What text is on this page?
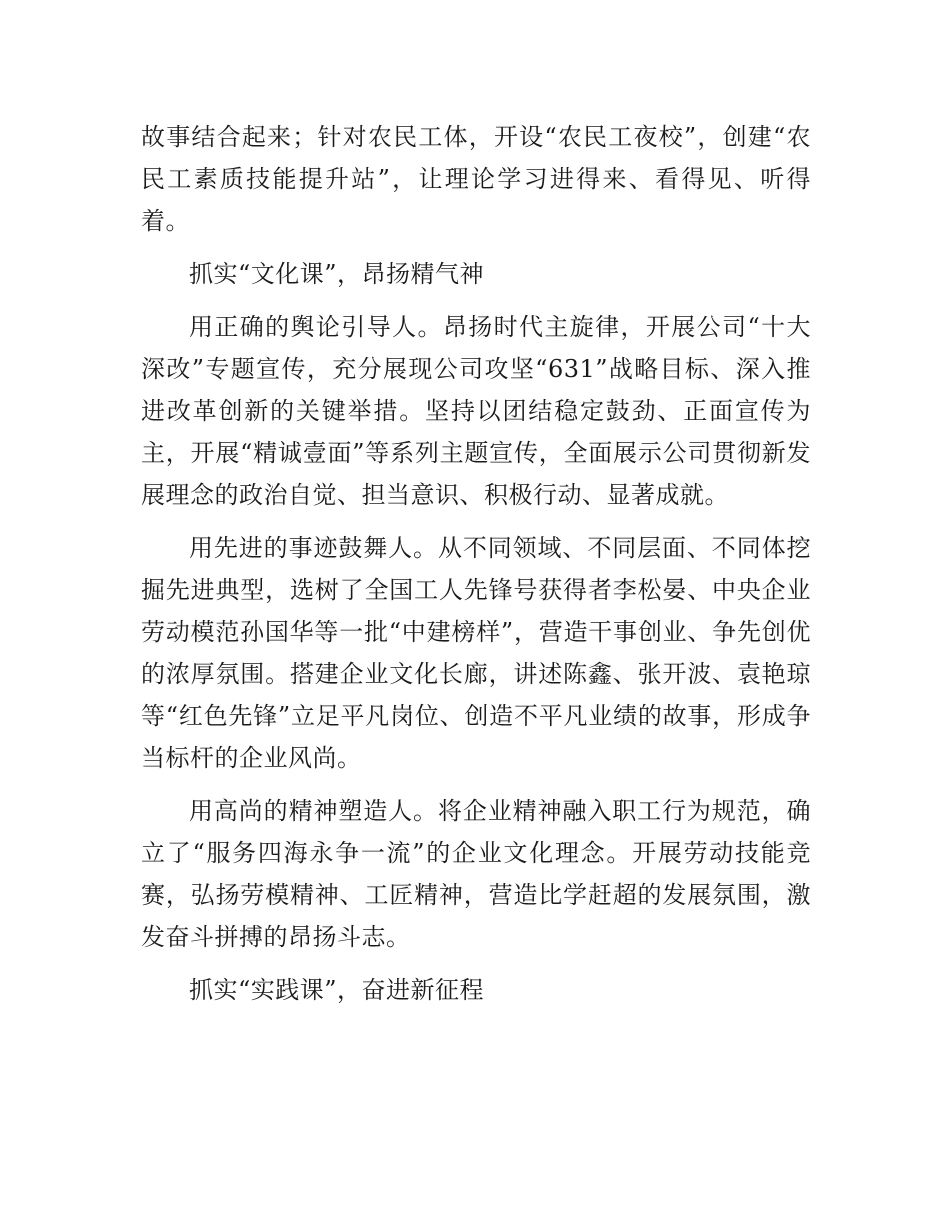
故事结合起来；针对农民工体，开设“农民工夜校”，创建“农民工素质技能提升站”，让理论学习进得来、看得见、听得着。

抓实“文化课”，昂扬精气神

用正确的舆论引导人。昂扬时代主旋律，开展公司“十大深改”专题宣传，充分展现公司攻坚“631”战略目标、深入推进改革创新的关键举措。坚持以团结稳定鼓劲、正面宣传为主，开展“精诚壹面”等系列主题宣传，全面展示公司贯彻新发展理念的政治自觉、担当意识、积极行动、显著成就。

用先进的事迹鼓舞人。从不同领域、不同层面、不同体挖掘先进典型，选树了全国工人先锋号获得者李松晏、中央企业劳动模范孙国华等一批“中建榜样”，营造干事创业、争先创优的浓厚氛围。搭建企业文化长廊，讲述陈鑫、张开波、袁艳琼等“红色先锋”立足平凡岗位、创造不平凡业绩的故事，形成争当标杆的企业风尚。

用高尚的精神塑造人。将企业精神融入职工行为规范，确立了“服务四海永争一流”的企业文化理念。开展劳动技能竞赛，弘扬劳模精神、工匠精神，营造比学赶超的发展氛围，激发奋斗拼搏的昂扬斗志。

抓实“实践课”，奋进新征程
